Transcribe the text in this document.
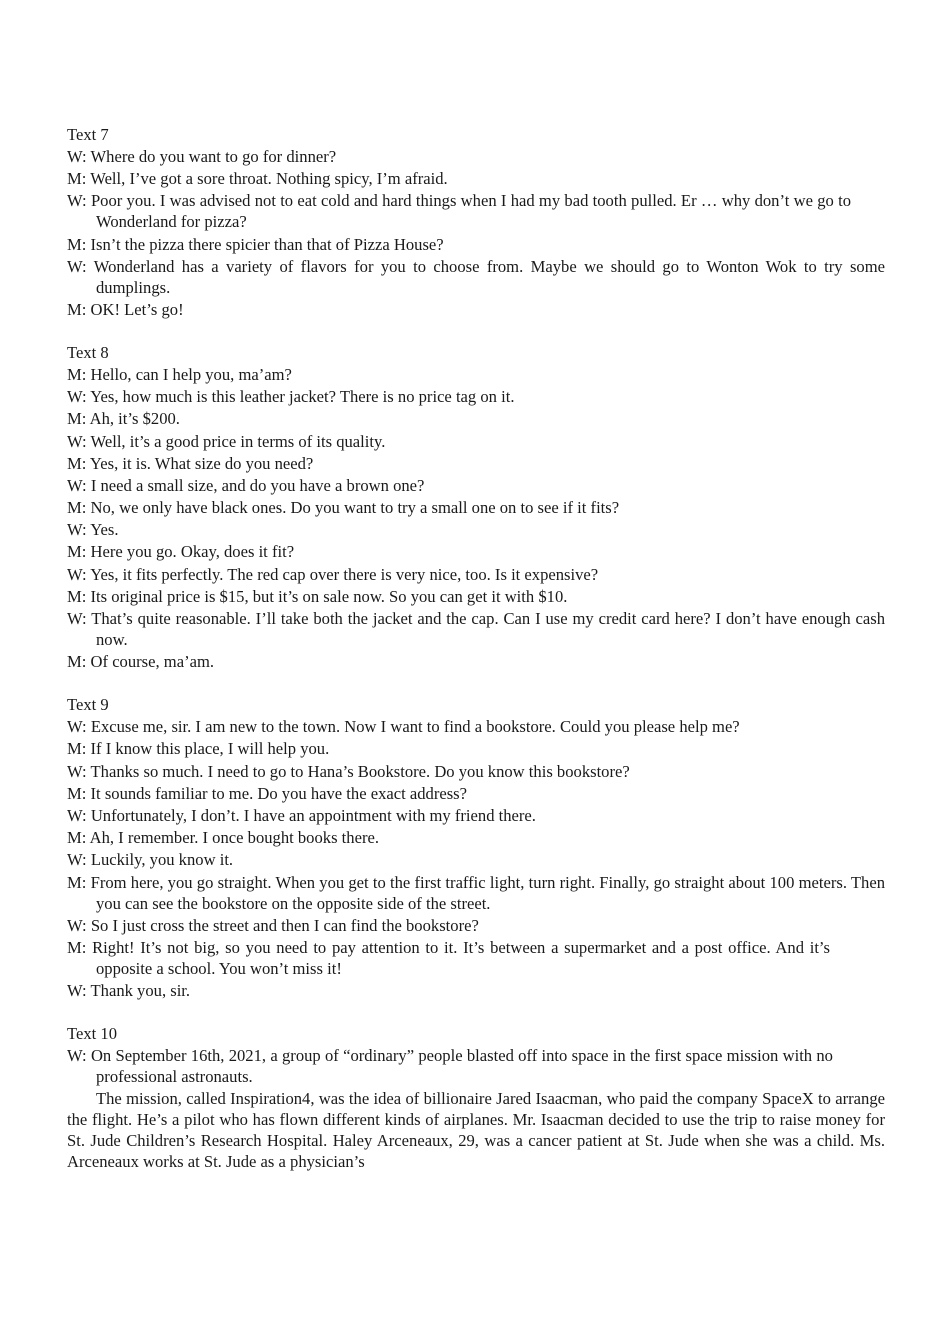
Text 7
W: Where do you want to go for dinner?
M: Well, I’ve got a sore throat. Nothing spicy, I’m afraid.
W: Poor you. I was advised not to eat cold and hard things when I had my bad tooth pulled. Er … why don’t we go to Wonderland for pizza?
M: Isn’t the pizza there spicier than that of Pizza House?
W: Wonderland has a variety of flavors for you to choose from. Maybe we should go to Wonton Wok to try some dumplings.
M: OK! Let’s go!
Text 8
M: Hello, can I help you, ma’am?
W: Yes, how much is this leather jacket? There is no price tag on it.
M: Ah, it’s $200.
W: Well, it’s a good price in terms of its quality.
M: Yes, it is. What size do you need?
W: I need a small size, and do you have a brown one?
M: No, we only have black ones. Do you want to try a small one on to see if it fits?
W: Yes.
M: Here you go. Okay, does it fit?
W: Yes, it fits perfectly. The red cap over there is very nice, too. Is it expensive?
M: Its original price is $15, but it’s on sale now. So you can get it with $10.
W: That’s quite reasonable. I’ll take both the jacket and the cap. Can I use my credit card here? I don’t have enough cash now.
M: Of course, ma’am.
Text 9
W: Excuse me, sir. I am new to the town. Now I want to find a bookstore. Could you please help me?
M: If I know this place, I will help you.
W: Thanks so much. I need to go to Hana’s Bookstore. Do you know this bookstore?
M: It sounds familiar to me. Do you have the exact address?
W: Unfortunately, I don’t. I have an appointment with my friend there.
M: Ah, I remember. I once bought books there.
W: Luckily, you know it.
M: From here, you go straight. When you get to the first traffic light, turn right. Finally, go straight about 100 meters. Then you can see the bookstore on the opposite side of the street.
W: So I just cross the street and then I can find the bookstore?
M: Right! It’s not big, so you need to pay attention to it. It’s between a supermarket and a post office. And it’s opposite a school. You won’t miss it!
W: Thank you, sir.
Text 10
W: On September 16th, 2021, a group of “ordinary” people blasted off into space in the first space mission with no professional astronauts.

The mission, called Inspiration4, was the idea of billionaire Jared Isaacman, who paid the company SpaceX to arrange the flight. He’s a pilot who has flown different kinds of airplanes. Mr. Isaacman decided to use the trip to raise money for St. Jude Children’s Research Hospital. Haley Arceneaux, 29, was a cancer patient at St. Jude when she was a child. Ms. Arceneaux works at St. Jude as a physician’s
